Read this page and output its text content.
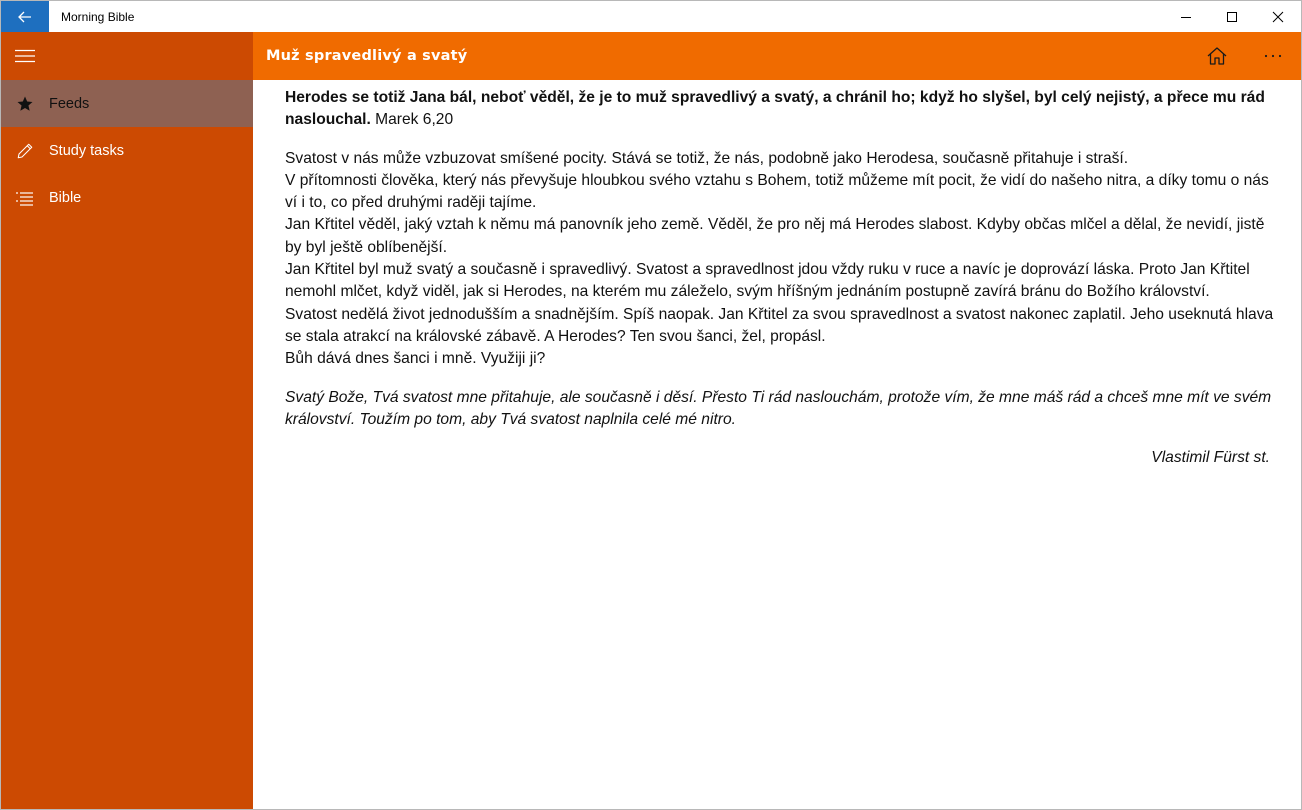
Morning Bible
Feeds
Study tasks
Bible
Muž spravedlivý a svatý

Herodes se totiž Jana bál, neboť věděl, že je to muž spravedlivý a svatý, a chránil ho; když ho slyšel, byl celý nejistý, a přece mu rád naslouchal. Marek 6,20

Svatost v nás může vzbuzovat smíšené pocity. Stává se totiž, že nás, podobně jako Herodesa, současně přitahuje i straší.

V přítomnosti člověka, který nás převyšuje hloubkou svého vztahu s Bohem, totiž můžeme mít pocit, že vidí do našeho nitra, a díky tomu o nás ví i to, co před druhými raději tajíme.

Jan Křtitel věděl, jaký vztah k němu má panovník jeho země. Věděl, že pro něj má Herodes slabost. Kdyby občas mlčel a dělal, že nevidí, jistě by byl ještě oblíbenější.

Jan Křtitel byl muž svatý a současně i spravedlivý. Svatost a spravedlnost jdou vždy ruku v ruce a navíc je doprovází láska. Proto Jan Křtitel nemohl mlčet, když viděl, jak si Herodes, na kterém mu záleželo, svým hříšným jednáním postupně zavírá bránu do Božího království.

Svatost nedělá život jednodušším a snadnějším. Spíš naopak. Jan Křtitel za svou spravedlnost a svatost nakonec zaplatil. Jeho useknutá hlava se stala atrakcí na královské zábavě. A Herodes? Ten svou šanci, žel, propásl.

Bůh dává dnes šanci i mně. Využiji ji?

Svatý Bože, Tvá svatost mne přitahuje, ale současně i děsí. Přesto Ti rád naslouchám, protože vím, že mne máš rád a chceš mne mít ve svém království. Toužím po tom, aby Tvá svatost naplnila celé mé nitro.

Vlastimil Fürst st.
